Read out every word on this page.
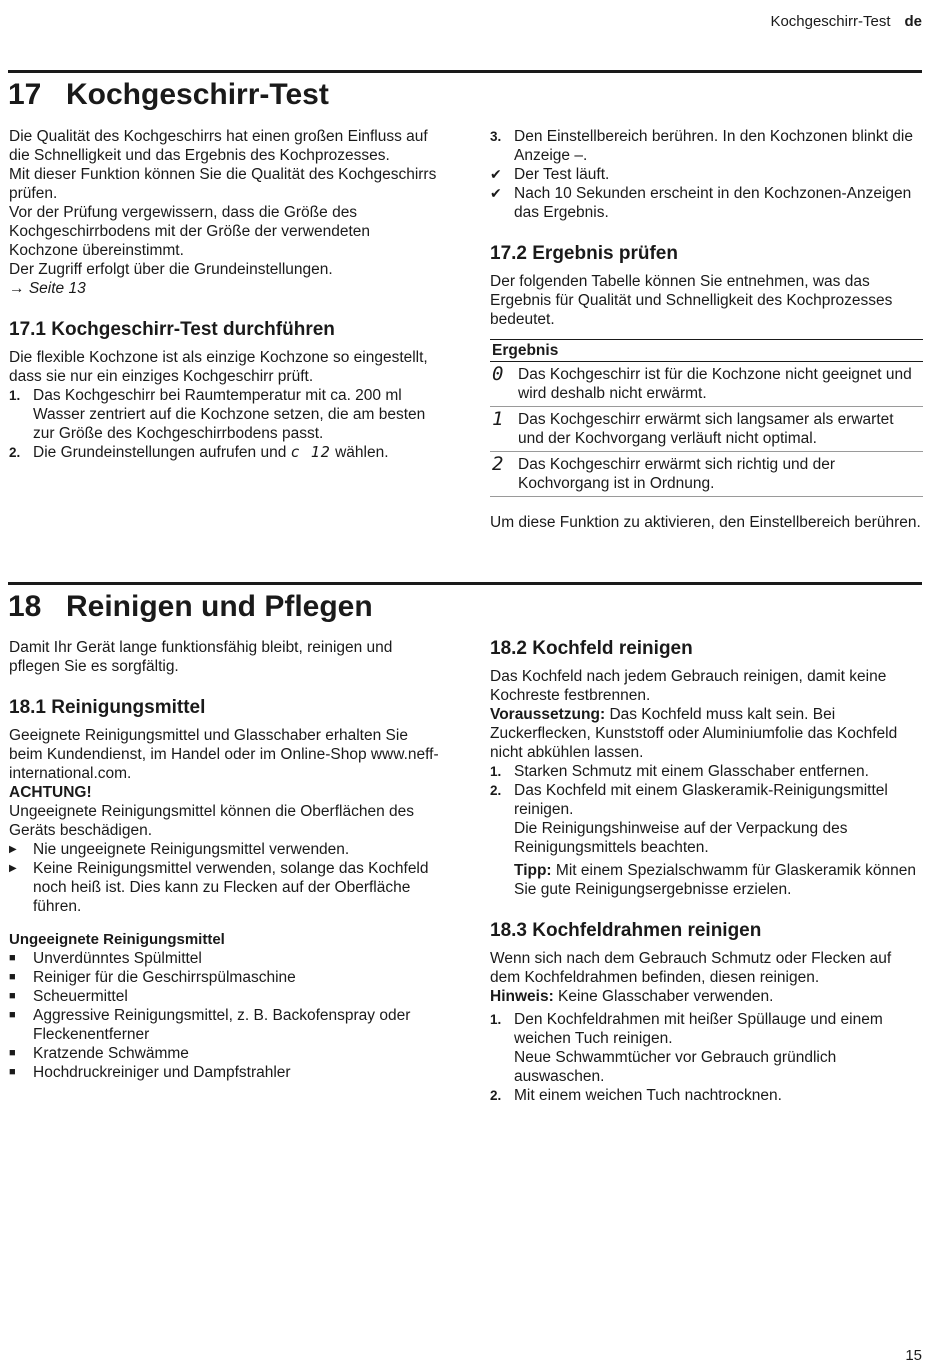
Kochgeschirr-Test de
17 Kochgeschirr-Test

Die Qualität des Kochgeschirrs hat einen großen Einfluss auf die Schnelligkeit und das Ergebnis des Kochprozesses.

Mit dieser Funktion können Sie die Qualität des Kochgeschirrs prüfen.

Vor der Prüfung vergewissern, dass die Größe des Kochgeschirrbodens mit der Größe der verwendeten Kochzone übereinstimmt.

Der Zugriff erfolgt über die Grundeinstellungen.

→ Seite 13

17.1 Kochgeschirr-Test durchführen

Die flexible Kochzone ist als einzige Kochzone so eingestellt, dass sie nur ein einziges Kochgeschirr prüft.

1. Das Kochgeschirr bei Raumtemperatur mit ca. 200 ml Wasser zentriert auf die Kochzone setzen, die am besten zur Größe des Kochgeschirrbodens passt.
2. Die Grundeinstellungen aufrufen und c 12 wählen.
3. Den Einstellbereich berühren. In den Kochzonen blinkt die Anzeige –.
✔ Der Test läuft.
✔ Nach 10 Sekunden erscheint in den Kochzonen-Anzeigen das Ergebnis.
17.2 Ergebnis prüfen

Der folgenden Tabelle können Sie entnehmen, was das Ergebnis für Qualität und Schnelligkeit des Kochprozesses bedeutet.

Ergebnis	
0	Das Kochgeschirr ist für die Kochzone nicht geeignet und wird deshalb nicht erwärmt.
1	Das Kochgeschirr erwärmt sich langsamer als erwartet und der Kochvorgang verläuft nicht optimal.
2	Das Kochgeschirr erwärmt sich richtig und der Kochvorgang ist in Ordnung.

Um diese Funktion zu aktivieren, den Einstellbereich berühren.

18 Reinigen und Pflegen

Damit Ihr Gerät lange funktionsfähig bleibt, reinigen und pflegen Sie es sorgfältig.

18.1 Reinigungsmittel

Geeignete Reinigungsmittel und Glasschaber erhalten Sie beim Kundendienst, im Handel oder im Online-Shop www.neff-international.com.

ACHTUNG!

Ungeeignete Reinigungsmittel können die Oberflächen des Geräts beschädigen.

▶ Nie ungeeignete Reinigungsmittel verwenden.
▶ Keine Reinigungsmittel verwenden, solange das Kochfeld noch heiß ist. Dies kann zu Flecken auf der Oberfläche führen.

Ungeeignete Reinigungsmittel

■ Unverdünntes Spülmittel
■ Reiniger für die Geschirrspülmaschine
■ Scheuermittel
■ Aggressive Reinigungsmittel, z. B. Backofenspray oder Fleckenentferner
■ Kratzende Schwämme
■ Hochdruckreiniger und Dampfstrahler
18.2 Kochfeld reinigen

Das Kochfeld nach jedem Gebrauch reinigen, damit keine Kochreste festbrennen.

Voraussetzung: Das Kochfeld muss kalt sein. Bei Zuckerflecken, Kunststoff oder Aluminiumfolie das Kochfeld nicht abkühlen lassen.

1. Starken Schmutz mit einem Glasschaber entfernen.
2. Das Kochfeld mit einem Glaskeramik-Reinigungsmittel reinigen.
Die Reinigungshinweise auf der Verpackung des Reinigungsmittels beachten.
Tipp: Mit einem Spezialschwamm für Glaskeramik können Sie gute Reinigungsergebnisse erzielen.
18.3 Kochfeldrahmen reinigen

Wenn sich nach dem Gebrauch Schmutz oder Flecken auf dem Kochfeldrahmen befinden, diesen reinigen.

Hinweis: Keine Glasschaber verwenden.

1. Den Kochfeldrahmen mit heißer Spüllauge und einem weichen Tuch reinigen.
Neue Schwammtücher vor Gebrauch gründlich auswaschen.
2. Mit einem weichen Tuch nachtrocknen.
15
